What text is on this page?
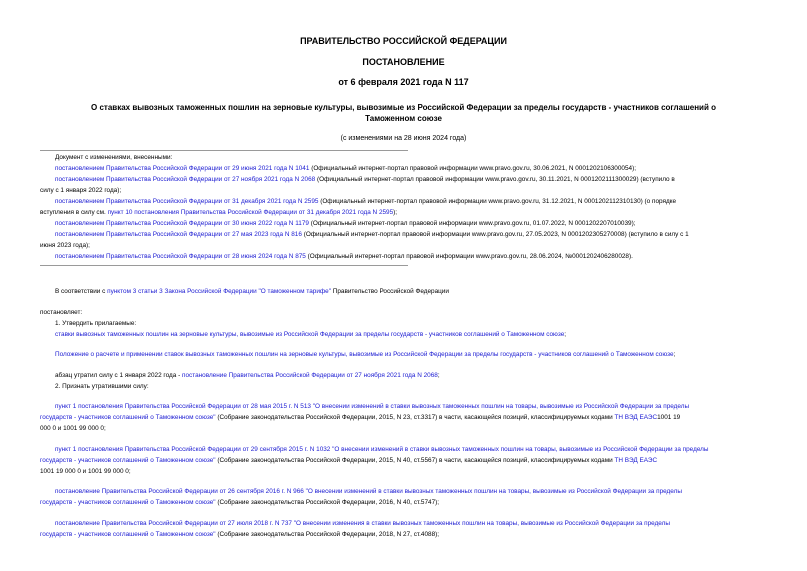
ПРАВИТЕЛЬСТВО РОССИЙСКОЙ ФЕДЕРАЦИИ
ПОСТАНОВЛЕНИЕ
от 6 февраля 2021 года N 117
О ставках вывозных таможенных пошлин на зерновые культуры, вывозимые из Российской Федерации за пределы государств - участников соглашений о
Таможенном союзе
(с изменениями на 28 июня 2024 года)
Документ с изменениями, внесенными:
постановлением Правительства Российской Федерации от 29 июня 2021 года N 1041 (Официальный интернет-портал правовой информации www.pravo.gov.ru, 30.06.2021, N 0001202106300054);
постановлением Правительства Российской Федерации от 27 ноября 2021 года N 2068 (Официальный интернет-портал правовой информации www.pravo.gov.ru, 30.11.2021, N 0001202111300029) (вступило в
силу с 1 января 2022 года);
постановлением Правительства Российской Федерации от 31 декабря 2021 года N 2595 (Официальный интернет-портал правовой информации www.pravo.gov.ru, 31.12.2021, N 0001202112310130) (о порядке
вступления в силу см. пункт 10 постановления Правительства Российской Федерации от 31 декабря 2021 года N 2595);
постановлением Правительства Российской Федерации от 30 июня 2022 года N 1179 (Официальный интернет-портал правовой информации www.pravo.gov.ru, 01.07.2022, N 0001202207010039);
постановлением Правительства Российской Федерации от 27 мая 2023 года N 816 (Официальный интернет-портал правовой информации www.pravo.gov.ru, 27.05.2023, N 0001202305270008) (вступило в силу с 1
июня 2023 года);
постановлением Правительства Российской Федерации от 28 июня 2024 года N 875 (Официальный интернет-портал правовой информации www.pravo.gov.ru, 28.06.2024, №0001202406280028).
В соответствии с пунктом 3 статьи 3 Закона Российской Федерации "О таможенном тарифе" Правительство Российской Федерации
постановляет:
1. Утвердить прилагаемые:
ставки вывозных таможенных пошлин на зерновые культуры, вывозимые из Российской Федерации за пределы государств - участников соглашений о Таможенном союзе;
Положение о расчете и применении ставок вывозных таможенных пошлин на зерновые культуры, вывозимые из Российской Федерации за пределы государств - участников соглашений о Таможенном союзе;
абзац утратил силу с 1 января 2022 года - постановление Правительства Российской Федерации от 27 ноября 2021 года N 2068;
2. Признать утратившими силу:
пункт 1 постановления Правительства Российской Федерации от 28 мая 2015 г. N 513 "О внесении изменений в ставки вывозных таможенных пошлин на товары, вывозимые из Российской Федерации за пределы
государств - участников соглашений о Таможенном союзе" (Собрание законодательства Российской Федерации, 2015, N 23, ст.3317) в части, касающейся позиций, классифицируемых кодами ТН ВЭД ЕАЭС1001 19
000 0 и 1001 99 000 0;
пункт 1 постановления Правительства Российской Федерации от 29 сентября 2015 г. N 1032 "О внесении изменений в ставки вывозных таможенных пошлин на товары, вывозимые из Российской Федерации за пределы
государств - участников соглашений о Таможенном союзе" (Собрание законодательства Российской Федерации, 2015, N 40, ст.5567) в части, касающейся позиций, классифицируемых кодами ТН ВЭД ЕАЭС
1001 19 000 0 и 1001 99 000 0;
постановление Правительства Российской Федерации от 26 сентября 2016 г. N 966 "О внесении изменений в ставки вывозных таможенных пошлин на товары, вывозимые из Российской Федерации за пределы
государств - участников соглашений о Таможенном союзе" (Собрание законодательства Российской Федерации, 2016, N 40, ст.5747);
постановление Правительства Российской Федерации от 27 июля 2018 г. N 737 "О внесении изменения в ставки вывозных таможенных пошлин на товары, вывозимые из Российской Федерации за пределы
государств - участников соглашений о Таможенном союзе" (Собрание законодательства Российской Федерации, 2018, N 27, ст.4088);
